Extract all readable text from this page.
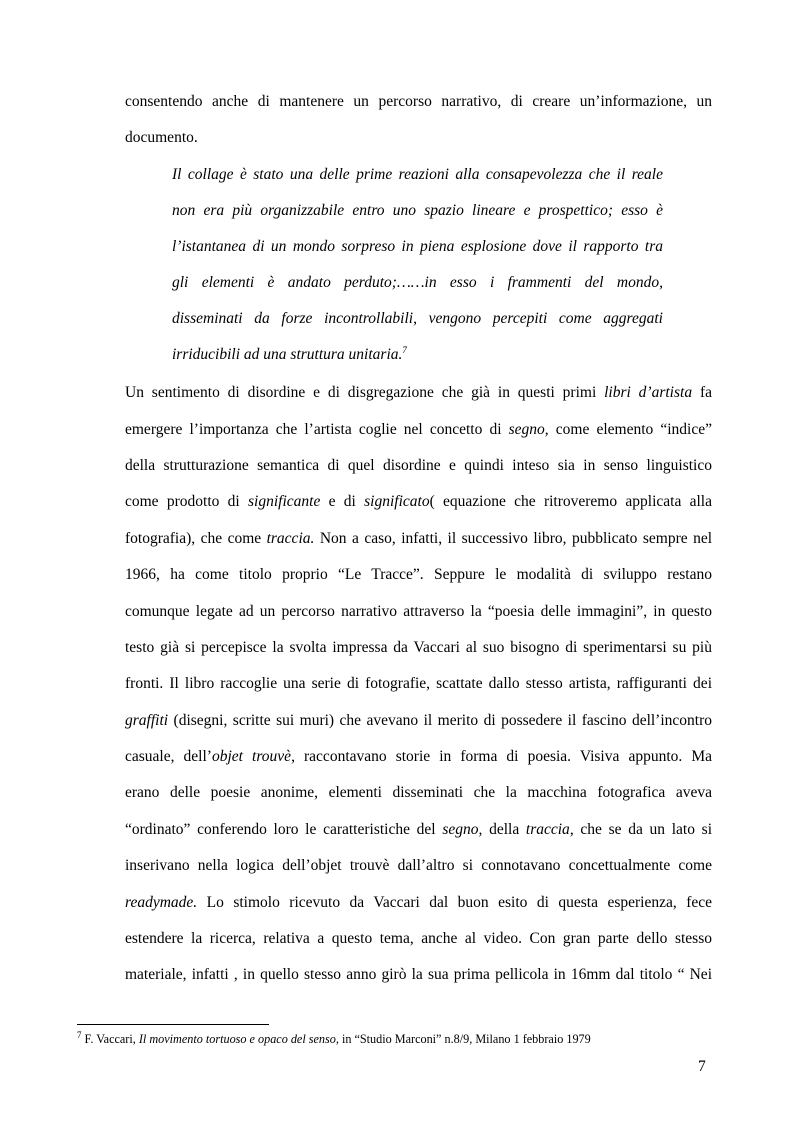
consentendo anche di mantenere un percorso narrativo, di creare un’informazione, un
documento.
Il collage è stato una delle prime reazioni alla consapevolezza che il reale
non era più organizzabile entro uno spazio lineare e prospettico; esso è
l’istantanea di un mondo sorpreso in piena esplosione dove il rapporto tra
gli elementi è andato perduto;……in esso i frammenti del mondo,
disseminati da forze incontrollabili, vengono percepiti come aggregati
irriducibili ad una struttura unitaria.$^7$
Un sentimento di disordine e di disgregazione che già in questi primi libri d’artista fa
emergere l’importanza che l’artista coglie nel concetto di segno, come elemento “indice”
della strutturazione semantica di quel disordine e quindi inteso sia in senso linguistico
come prodotto di significante e di significato( equazione che ritroveremo applicata alla
fotografia), che come traccia. Non a caso, infatti, il successivo libro, pubblicato sempre nel
1966, ha come titolo proprio “Le Tracce”. Seppure le modalità di sviluppo restano
comunque legate ad un percorso narrativo attraverso la “poesia delle immagini”, in questo
testo già si percepisce la svolta impressa da Vaccari al suo bisogno di sperimentarsi su più
fronti. Il libro raccoglie una serie di fotografie, scattate dallo stesso artista, raffiguranti dei
graffiti (disegni, scritte sui muri) che avevano il merito di possedere il fascino dell’incontro
casuale, dell’objet trouvè, raccontavano storie in forma di poesia. Visiva appunto. Ma
erano delle poesie anonime, elementi disseminati che la macchina fotografica aveva
“ordinato” conferendo loro le caratteristiche del segno, della traccia, che se da un lato si
inserivano nella logica dell’objet trouvè dall’altro si connotavano concettualmente come
readymade. Lo stimolo ricevuto da Vaccari dal buon esito di questa esperienza, fece
estendere la ricerca, relativa a questo tema, anche al video. Con gran parte dello stesso
materiale, infatti , in quello stesso anno girò la sua prima pellicola in 16mm dal titolo “ Nei
$^7$ F. Vaccari, Il movimento tortuoso e opaco del senso, in “Studio Marconi” n.8/9, Milano 1 febbraio 1979
7
